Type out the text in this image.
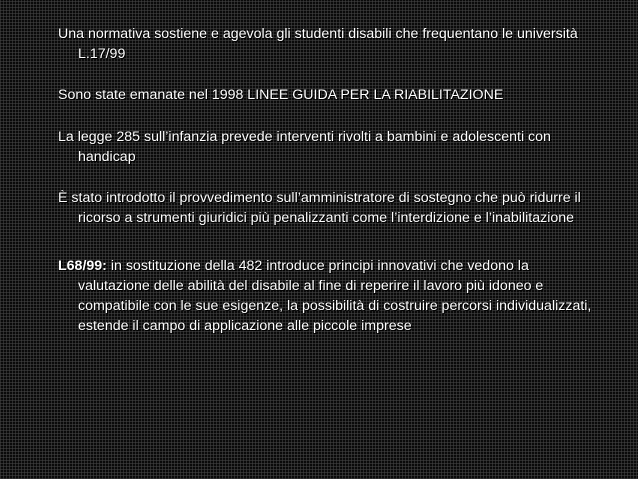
Una normativa sostiene e agevola gli studenti disabili che frequentano le università L.17/99

Sono state emanate nel 1998 LINEE GUIDA PER LA RIABILITAZIONE

La legge 285 sull’infanzia prevede interventi rivolti a bambini e adolescenti con handicap

È stato introdotto il provvedimento sull’amministratore di sostegno che può ridurre il ricorso a strumenti giuridici più penalizzanti come l’interdizione e l’inabilitazione

L68/99: in sostituzione della 482 introduce principi innovativi che vedono la valutazione delle abilità del disabile al fine di reperire il lavoro più idoneo e compatibile con le sue esigenze, la possibilità di costruire percorsi individualizzati, estende il campo di applicazione alle piccole imprese
